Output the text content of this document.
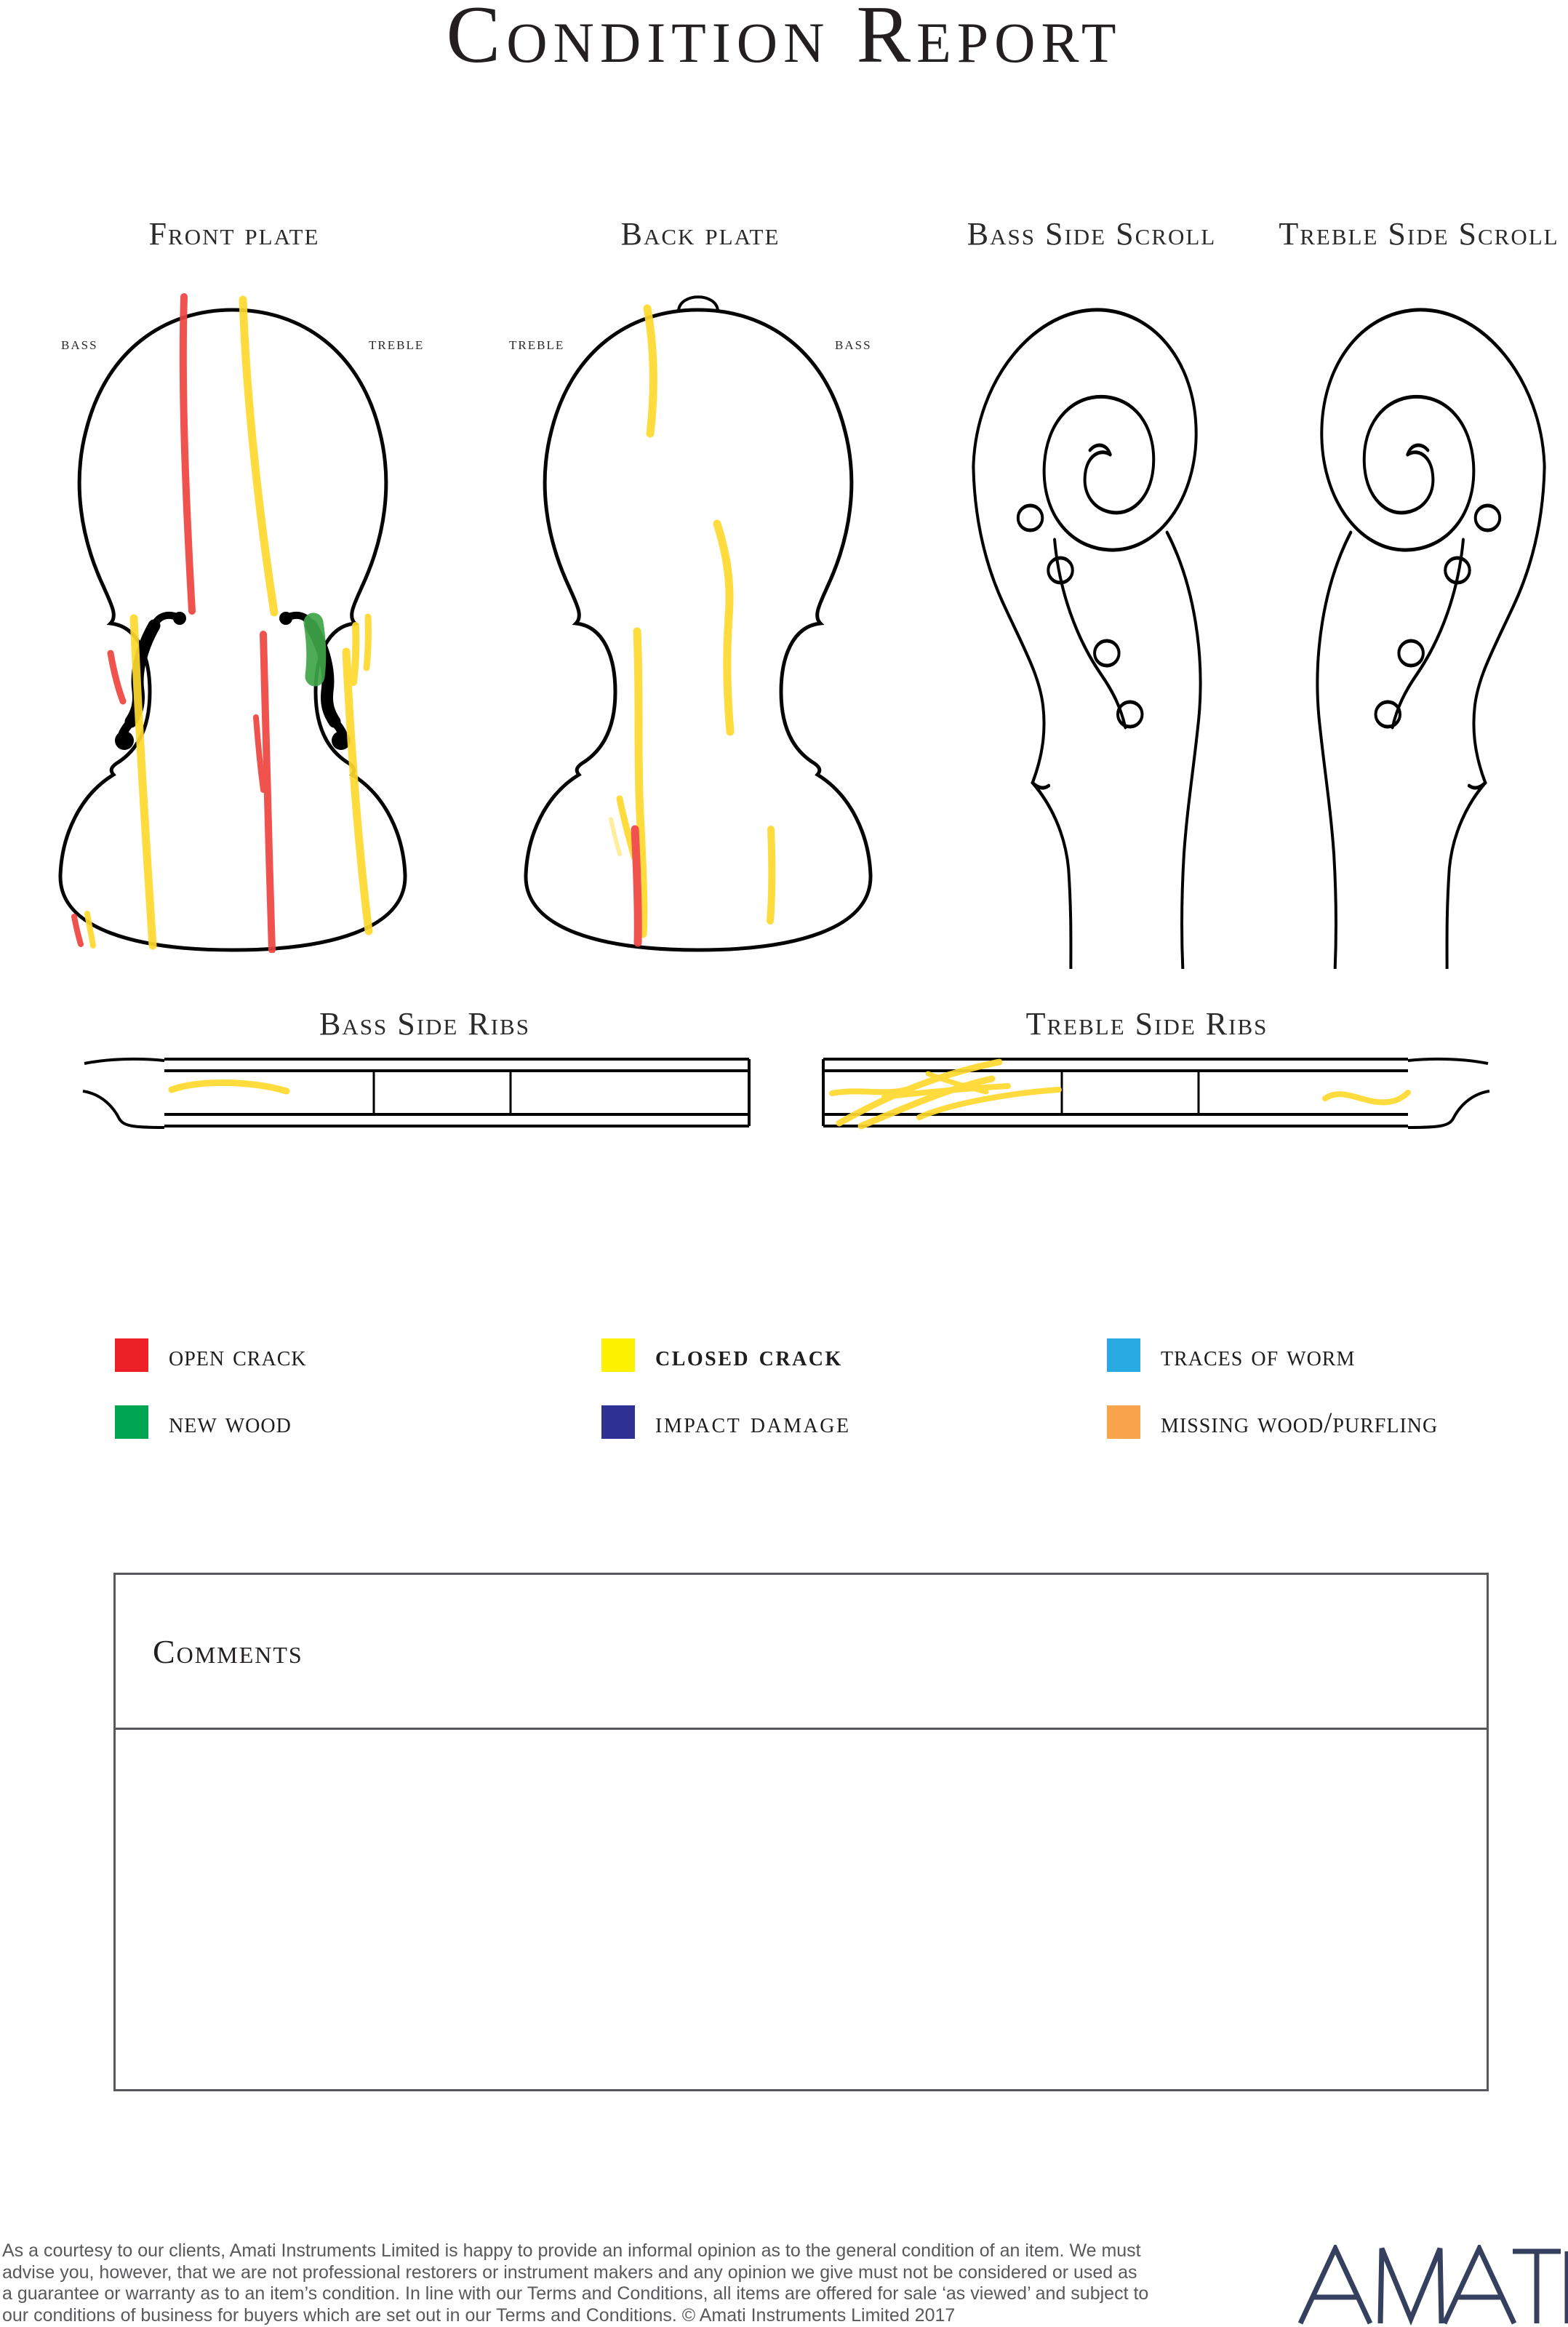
Condition Report
Front plate	Back plate	Bass Side Scroll Treble Side Scroll
bass	treble	treble	bass
Bass Side Ribs	Treble Side Ribs
open crack	closed crack	traces of worm
new wood	impact damage	missing wood/purfling
Comments
As a courtesy to our clients, Amati Instruments Limited is happy to provide an informal opinion as to the general condition of an item. We must
advise you, however, that we are not professional restorers or instrument makers and any opinion we give must not be considered or used as
a guarantee or warranty as to an item’s condition. In line with our Terms and Conditions, all items are offered for sale ‘as viewed’ and subject to
our conditions of business for buyers which are set out in our Terms and Conditions. © Amati Instruments Limited 2017
